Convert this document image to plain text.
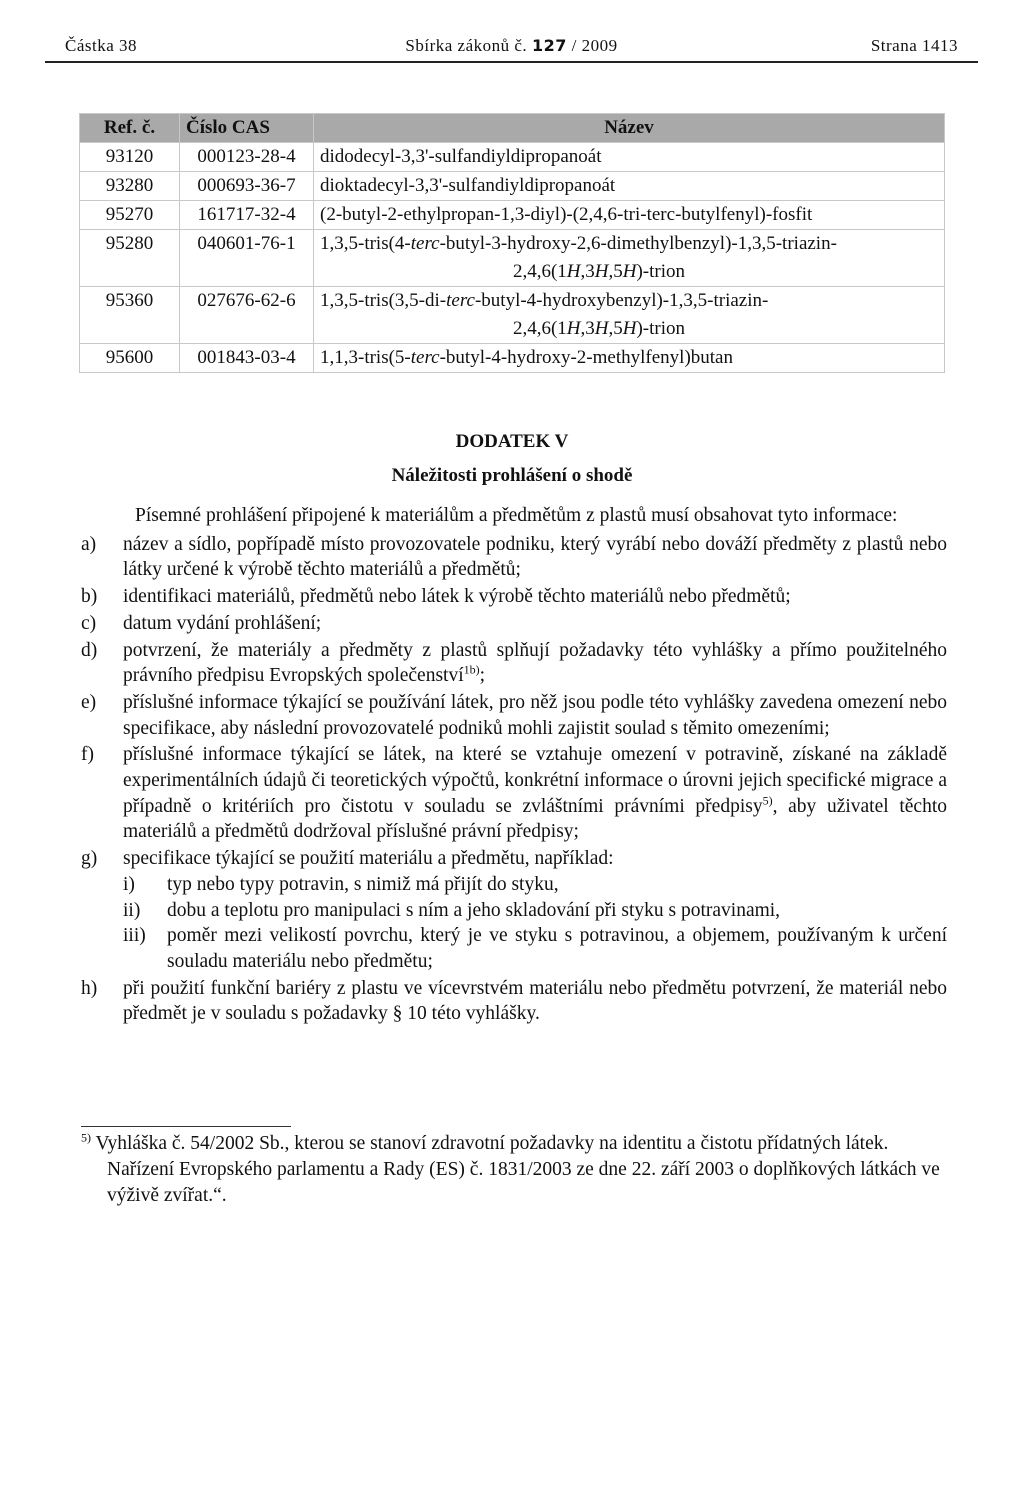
Částka 38	Sbírka zákonů č. 127 / 2009	Strana 1413
Ref. č.	Číslo CAS	Název
93120	000123-28-4	didodecyl-3,3'-sulfandiyldipropanoát
93280	000693-36-7	dioktadecyl-3,3'-sulfandiyldipropanoát
95270	161717-32-4	(2-butyl-2-ethylpropan-1,3-diyl)-(2,4,6-tri-terc-butylfenyl)-fosfit
95280	040601-76-1	1,3,5-tris(4-terc-butyl-3-hydroxy-2,6-dimethylbenzyl)-1,3,5-triazin-
2,4,6(1H,3H,5H)-trion

95360	027676-62-6	1,3,5-tris(3,5-di-terc-butyl-4-hydroxybenzyl)-1,3,5-triazin-
2,4,6(1H,3H,5H)-trion

95600	001843-03-4	1,1,3-tris(5-terc-butyl-4-hydroxy-2-methylfenyl)butan
DODATEK V
Náležitosti prohlášení o shodě

Písemné prohlášení připojené k materiálům a předmětům z plastů musí obsahovat tyto informace:

a) název a sídlo, popřípadě místo provozovatele podniku, který vyrábí nebo dováží předměty z plastů nebo látky určené k výrobě těchto materiálů a předmětů;
b) identifikaci materiálů, předmětů nebo látek k výrobě těchto materiálů nebo předmětů;
c) datum vydání prohlášení;
d) potvrzení, že materiály a předměty z plastů splňují požadavky této vyhlášky a přímo použitelného právního předpisu Evropských společenství$^{1b)}$;
e) příslušné informace týkající se používání látek, pro něž jsou podle této vyhlášky zavedena omezení nebo specifikace, aby následní provozovatelé podniků mohli zajistit soulad s těmito omezeními;
f) příslušné informace týkající se látek, na které se vztahuje omezení v potravině, získané na základě experimentálních údajů či teoretických výpočtů, konkrétní informace o úrovni jejich specifické migrace a případně o kritériích pro čistotu v souladu se zvláštními právními předpisy$^{5)}$, aby uživatel těchto materiálů a předmětů dodržoval příslušné právní předpisy;
g) specifikace týkající se použití materiálu a předmětu, například:
i) typ nebo typy potravin, s nimiž má přijít do styku,
ii) dobu a teplotu pro manipulaci s ním a jeho skladování při styku s potravinami,
iii) poměr mezi velikostí povrchu, který je ve styku s potravinou, a objemem, používaným k určení souladu materiálu nebo předmětu;
h) při použití funkční bariéry z plastu ve vícevrstvém materiálu nebo předmětu potvrzení, že materiál nebo předmět je v souladu s požadavky § 10 této vyhlášky.
$^{5)}$ Vyhláška č. 54/2002 Sb., kterou se stanoví zdravotní požadavky na identitu a čistotu přídatných látek.
Nařízení Evropského parlamentu a Rady (ES) č. 1831/2003 ze dne 22. září 2003 o doplňkových látkách ve výživě zvířat.“.
